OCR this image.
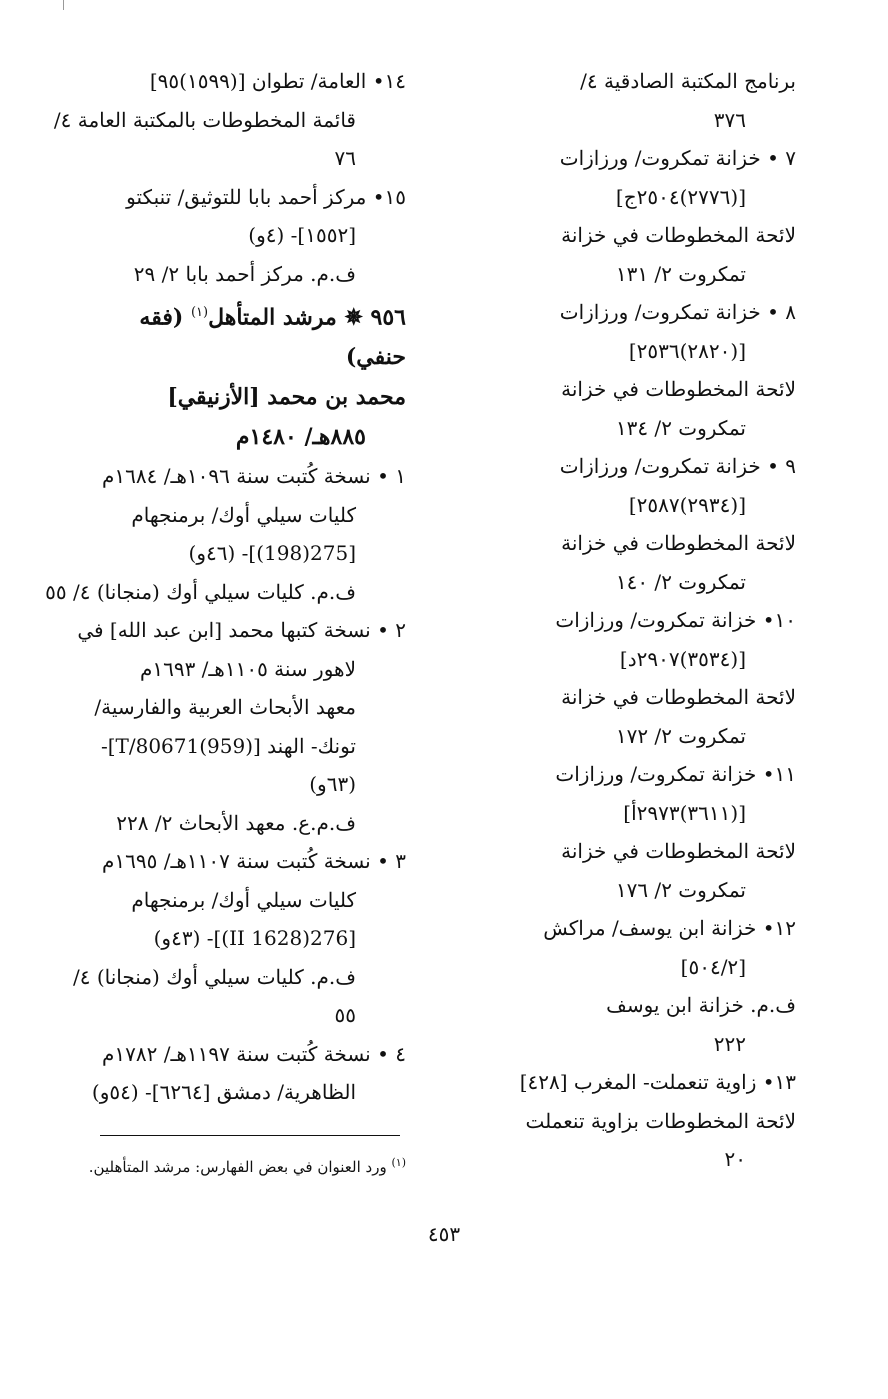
برنامج المكتبة الصادقية ٤/
٣٧٦
٧ • خزانة تمكروت/ ورزازات
[(٢٧٧٦)٢٥٠٤ج]
لائحة المخطوطات في خزانة
تمكروت ٢/ ١٣١
٨ • خزانة تمكروت/ ورزازات
[(٢٨٢٠)٢٥٣٦]
لائحة المخطوطات في خزانة
تمكروت ٢/ ١٣٤
٩ • خزانة تمكروت/ ورزازات
[(٢٩٣٤)٢٥٨٧]
لائحة المخطوطات في خزانة
تمكروت ٢/ ١٤٠
١٠• خزانة تمكروت/ ورزازات
[(٣٥٣٤)٢٩٠٧د]
لائحة المخطوطات في خزانة
تمكروت ٢/ ١٧٢
١١• خزانة تمكروت/ ورزازات
[(٣٦١١)٢٩٧٣أ]
لائحة المخطوطات في خزانة
تمكروت ٢/ ١٧٦
١٢• خزانة ابن يوسف/ مراكش
[٥٠٤/٢]
ف.م. خزانة ابن يوسف
٢٢٢
١٣• زاوية تنعملت- المغرب [٤٢٨]
لائحة المخطوطات بزاوية تنعملت
٢٠
١٤• العامة/ تطوان [(١٥٩٩)٩٥]
قائمة المخطوطات بالمكتبة العامة ٤/
٧٦
١٥• مركز أحمد بابا للتوثيق/ تنبكتو
[١٥٥٢]- (٤و)
ف.م. مركز أحمد بابا ٢/ ٢٩
٩٥٦ ✵ مرشد المتأهل$^{(١)}$ (فقه
حنفي)
محمد بن محمد [الأزنيقي]
٨٨٥هـ/ ١٤٨٠م
١ • نسخة كُتبت سنة ١٠٩٦هـ/ ١٦٨٤م
كليات سيلي أوك/ برمنجهام
[275(198)]- (٤٦و)
ف.م. كليات سيلي أوك (منجانا) ٤/ ٥٥
٢ • نسخة كتبها محمد [ابن عبد الله] في
لاهور سنة ١١٠٥هـ/ ١٦٩٣م
معهد الأبحاث العربية والفارسية/
تونك- الهند [T/80671(959)]-
(٦٣و)
ف.م.ع. معهد الأبحاث ٢/ ٢٢٨
٣ • نسخة كُتبت سنة ١١٠٧هـ/ ١٦٩٥م
كليات سيلي أوك/ برمنجهام
[276(1628 II)]- (٤٣و)
ف.م. كليات سيلي أوك (منجانا) ٤/
٥٥
٤ • نسخة كُتبت سنة ١١٩٧هـ/ ١٧٨٢م
الظاهرية/ دمشق [٦٢٦٤]- (٥٤و)
$^{(١)}$ ورد العنوان في بعض الفهارس: مرشد المتأهلين.
٤٥٣
